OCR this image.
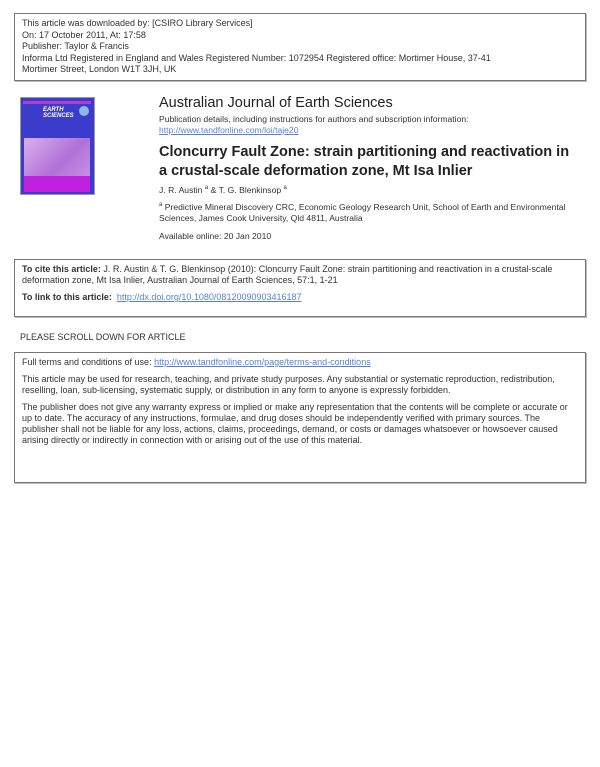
This article was downloaded by: [CSIRO Library Services]

On: 17 October 2011, At: 17:58

Publisher: Taylor & Francis

Informa Ltd Registered in England and Wales Registered Number: 1072954 Registered office: Mortimer House, 37-41

Mortimer Street, London W1T 3JH, UK

EARTH SCIENCES

Australian Journal of Earth Sciences

Publication details, including instructions for authors and subscription information:

http://www.tandfonline.com/loi/taje20

Cloncurry Fault Zone: strain partitioning and reactivation in a crustal-scale deformation zone, Mt Isa Inlier

J. R. Austin $^a$ & T. G. Blenkinsop $^a$

$^a$ Predictive Mineral Discovery CRC, Economic Geology Research Unit, School of Earth and Environmental Sciences, James Cook University, Qld 4811, Australia

Available online: 20 Jan 2010

To cite this article: J. R. Austin & T. G. Blenkinsop (2010): Cloncurry Fault Zone: strain partitioning and reactivation in a crustal-scale deformation zone, Mt Isa Inlier, Australian Journal of Earth Sciences, 57:1, 1-21

To link to this article: http://dx.doi.org/10.1080/08120090903416187

PLEASE SCROLL DOWN FOR ARTICLE

Full terms and conditions of use: http://www.tandfonline.com/page/terms-and-conditions

This article may be used for research, teaching, and private study purposes. Any substantial or systematic reproduction, redistribution, reselling, loan, sub-licensing, systematic supply, or distribution in any form to anyone is expressly forbidden.

The publisher does not give any warranty express or implied or make any representation that the contents will be complete or accurate or up to date. The accuracy of any instructions, formulae, and drug doses should be independently verified with primary sources. The publisher shall not be liable for any loss, actions, claims, proceedings, demand, or costs or damages whatsoever or howsoever caused arising directly or indirectly in connection with or arising out of the use of this material.
